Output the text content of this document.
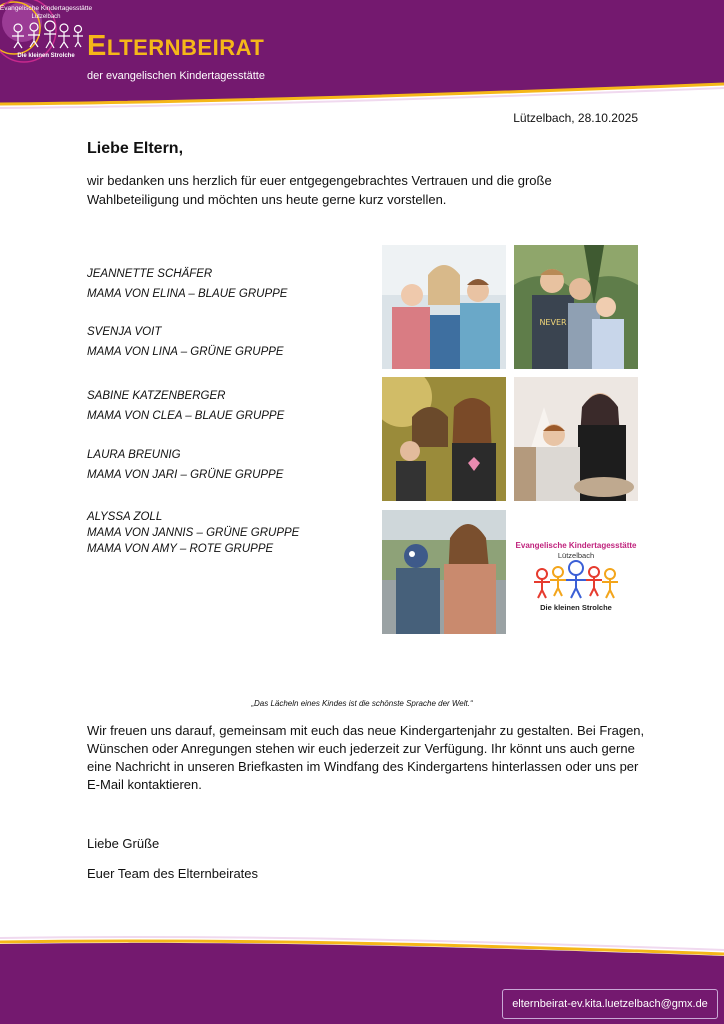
ELTERNBEIRAT
der evangelischen Kindertagesstätte
Evangelische Kindertagesstätte
Lützelbach
Die kleinen Strolche
Lützelbach, 28.10.2025
Liebe Eltern,

wir bedanken uns herzlich für euer entgegengebrachtes Vertrauen und die große Wahlbeteiligung und möchten uns heute gerne kurz vorstellen.

JEANNETTE SCHÄFER
MAMA VON ELINA – BLAUE GRUPPE
SVENJA VOIT
MAMA VON LINA – GRÜNE GRUPPE
SABINE KATZENBERGER
MAMA VON CLEA – BLAUE GRUPPE
LAURA BREUNIG
MAMA VON JARI – GRÜNE GRUPPE
ALYSSA ZOLL
MAMA VON JANNIS – GRÜNE GRUPPE
MAMA VON AMY – ROTE GRUPPE
NEVER
Evangelische Kindertagesstätte
Lützelbach
Die kleinen Strolche
„Das Lächeln eines Kindes ist die schönste Sprache der Welt.“

Wir freuen uns darauf, gemeinsam mit euch das neue Kindergartenjahr zu gestalten. Bei Fragen, Wünschen oder Anregungen stehen wir euch jederzeit zur Verfügung. Ihr könnt uns auch gerne eine Nachricht in unseren Briefkasten im Windfang des Kindergartens hinterlassen oder uns per E-Mail kontaktieren.

Liebe Grüße
Euer Team des Elternbeirates
elternbeirat-ev.kita.luetzelbach@gmx.de
